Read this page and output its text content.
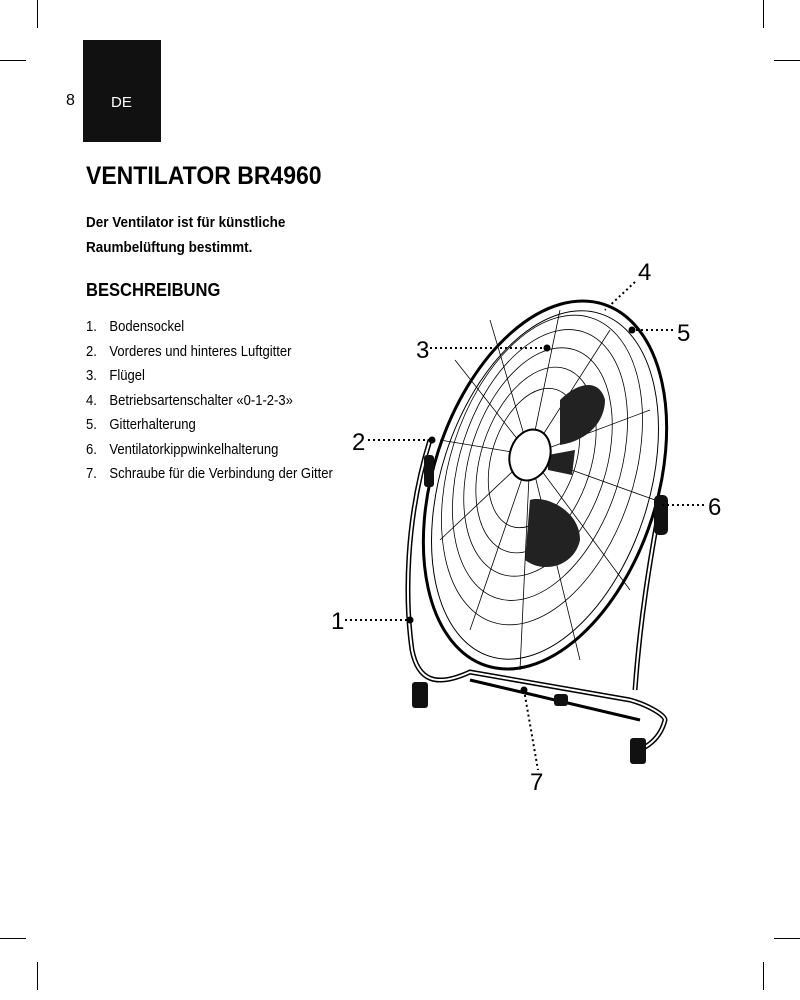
8 DE
VENTILATOR BR4960

Der Ventilator ist für künstliche Raumbelüftung bestimmt.

BESCHREIBUNG
1. Bodensockel
2. Vorderes und hinteres Luftgitter
3. Flügel
4. Betriebsartenschalter «0-1-2-3»
5. Gitterhalterung
6. Ventilatorkippwinkelhalterung
7. Schraube für die Verbindung der Gitter
1
2
3
4
5
6
7
